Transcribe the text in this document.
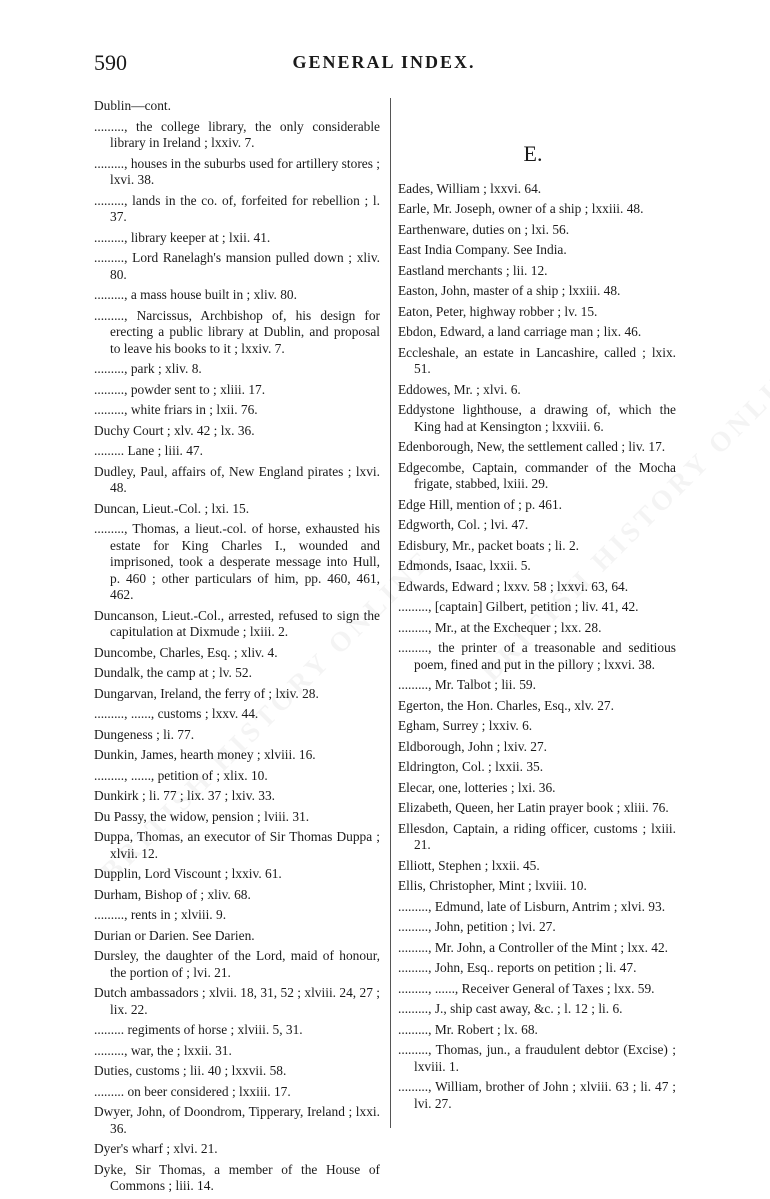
590	GENERAL INDEX.
Dublin—cont.
........., the college library, the only considerable library in Ireland ; lxxiv. 7.
........., houses in the suburbs used for artillery stores ; lxvi. 38.
........., lands in the co. of, forfeited for rebellion ; l. 37.
........., library keeper at ; lxii. 41.
........., Lord Ranelagh's mansion pulled down ; xliv. 80.
........., a mass house built in ; xliv. 80.
........., Narcissus, Archbishop of, his design for erecting a public library at Dublin, and proposal to leave his books to it ; lxxiv. 7.
........., park ; xliv. 8.
........., powder sent to ; xliii. 17.
........., white friars in ; lxii. 76.
Duchy Court ; xlv. 42 ; lx. 36.
......... Lane ; liii. 47.
Dudley, Paul, affairs of, New England pirates ; lxvi. 48.
Duncan, Lieut.-Col. ; lxi. 15.
........., Thomas, a lieut.-col. of horse, exhausted his estate for King Charles I., wounded and imprisoned, took a desperate message into Hull, p. 460 ; other particulars of him, pp. 460, 461, 462.
Duncanson, Lieut.-Col., arrested, refused to sign the capitulation at Dixmude ; lxiii. 2.
Duncombe, Charles, Esq. ; xliv. 4.
Dundalk, the camp at ; lv. 52.
Dungarvan, Ireland, the ferry of ; lxiv. 28.
........., ......, customs ; lxxv. 44.
Dungeness ; li. 77.
Dunkin, James, hearth money ; xlviii. 16.
........., ......, petition of ; xlix. 10.
Dunkirk ; li. 77 ; lix. 37 ; lxiv. 33.
Du Passy, the widow, pension ; lviii. 31.
Duppa, Thomas, an executor of Sir Thomas Duppa ; xlvii. 12.
Dupplin, Lord Viscount ; lxxiv. 61.
Durham, Bishop of ; xliv. 68.
........., rents in ; xlviii. 9.
Durian or Darien. See Darien.
Dursley, the daughter of the Lord, maid of honour, the portion of ; lvi. 21.
Dutch ambassadors ; xlvii. 18, 31, 52 ; xlviii. 24, 27 ; lix. 22.
......... regiments of horse ; xlviii. 5, 31.
........., war, the ; lxxii. 31.
Duties, customs ; lii. 40 ; lxxvii. 58.
......... on beer considered ; lxxiii. 17.
Dwyer, John, of Doondrom, Tipperary, Ireland ; lxxi. 36.
Dyer's wharf ; xlvi. 21.
Dyke, Sir Thomas, a member of the House of Commons ; liii. 14.
E.
Eades, William ; lxxvi. 64.
Earle, Mr. Joseph, owner of a ship ; lxxiii. 48.
Earthenware, duties on ; lxi. 56.
East India Company. See India.
Eastland merchants ; lii. 12.
Easton, John, master of a ship ; lxxiii. 48.
Eaton, Peter, highway robber ; lv. 15.
Ebdon, Edward, a land carriage man ; lix. 46.
Eccleshale, an estate in Lancashire, called ; lxix. 51.
Eddowes, Mr. ; xlvi. 6.
Eddystone lighthouse, a drawing of, which the King had at Kensington ; lxxviii. 6.
Edenborough, New, the settlement called ; liv. 17.
Edgecombe, Captain, commander of the Mocha frigate, stabbed, lxiii. 29.
Edge Hill, mention of ; p. 461.
Edgworth, Col. ; lvi. 47.
Edisbury, Mr., packet boats ; li. 2.
Edmonds, Isaac, lxxii. 5.
Edwards, Edward ; lxxv. 58 ; lxxvi. 63, 64.
........., [captain] Gilbert, petition ; liv. 41, 42.
........., Mr., at the Exchequer ; lxx. 28.
........., the printer of a treasonable and seditious poem, fined and put in the pillory ; lxxvi. 38.
........., Mr. Talbot ; lii. 59.
Egerton, the Hon. Charles, Esq., xlv. 27.
Egham, Surrey ; lxxiv. 6.
Eldborough, John ; lxiv. 27.
Eldrington, Col. ; lxxii. 35.
Elecar, one, lotteries ; lxi. 36.
Elizabeth, Queen, her Latin prayer book ; xliii. 76.
Ellesdon, Captain, a riding officer, customs ; lxiii. 21.
Elliott, Stephen ; lxxii. 45.
Ellis, Christopher, Mint ; lxviii. 10.
........., Edmund, late of Lisburn, Antrim ; xlvi. 93.
........., John, petition ; lvi. 27.
........., Mr. John, a Controller of the Mint ; lxx. 42.
........., John, Esq.. reports on petition ; li. 47.
........., ......, Receiver General of Taxes ; lxx. 59.
........., J., ship cast away, &c. ; l. 12 ; li. 6.
........., Mr. Robert ; lx. 68.
........., Thomas, jun., a fraudulent debtor (Excise) ; lxviii. 1.
........., William, brother of John ; xlviii. 63 ; li. 47 ; lvi. 27.
